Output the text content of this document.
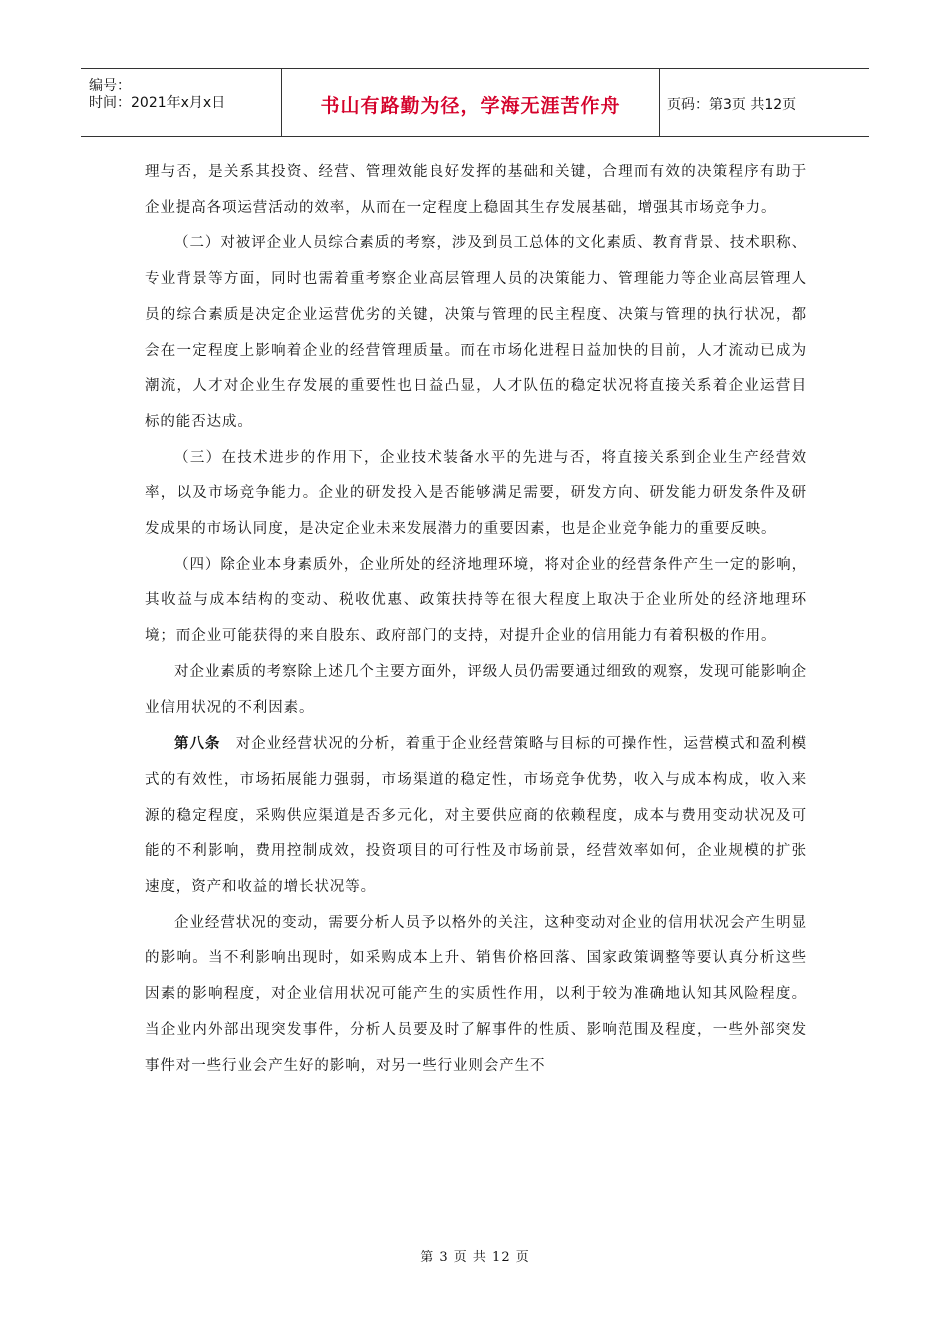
编号：
时间：2021年x月x日	书山有路勤为径，学海无涯苦作舟	页码：第3页 共12页

理与否，是关系其投资、经营、管理效能良好发挥的基础和关键，合理而有效的决策程序有助于企业提高各项运营活动的效率，从而在一定程度上稳固其生存发展基础，增强其市场竞争力。

（二）对被评企业人员综合素质的考察，涉及到员工总体的文化素质、教育背景、技术职称、专业背景等方面，同时也需着重考察企业高层管理人员的决策能力、管理能力等企业高层管理人员的综合素质是决定企业运营优劣的关键，决策与管理的民主程度、决策与管理的执行状况，都会在一定程度上影响着企业的经营管理质量。而在市场化进程日益加快的目前，人才流动已成为潮流，人才对企业生存发展的重要性也日益凸显，人才队伍的稳定状况将直接关系着企业运营目标的能否达成。

（三）在技术进步的作用下，企业技术装备水平的先进与否，将直接关系到企业生产经营效率，以及市场竞争能力。企业的研发投入是否能够满足需要，研发方向、研发能力研发条件及研发成果的市场认同度，是决定企业未来发展潜力的重要因素，也是企业竞争能力的重要反映。

（四）除企业本身素质外，企业所处的经济地理环境，将对企业的经营条件产生一定的影响，其收益与成本结构的变动、税收优惠、政策扶持等在很大程度上取决于企业所处的经济地理环境；而企业可能获得的来自股东、政府部门的支持，对提升企业的信用能力有着积极的作用。

对企业素质的考察除上述几个主要方面外，评级人员仍需要通过细致的观察，发现可能影响企业信用状况的不利因素。

第八条　对企业经营状况的分析，着重于企业经营策略与目标的可操作性，运营模式和盈利模式的有效性，市场拓展能力强弱，市场渠道的稳定性，市场竞争优势，收入与成本构成，收入来源的稳定程度，采购供应渠道是否多元化，对主要供应商的依赖程度，成本与费用变动状况及可能的不利影响，费用控制成效，投资项目的可行性及市场前景，经营效率如何，企业规模的扩张速度，资产和收益的增长状况等。

企业经营状况的变动，需要分析人员予以格外的关注，这种变动对企业的信用状况会产生明显的影响。当不利影响出现时，如采购成本上升、销售价格回落、国家政策调整等要认真分析这些因素的影响程度，对企业信用状况可能产生的实质性作用，以利于较为准确地认知其风险程度。当企业内外部出现突发事件，分析人员要及时了解事件的性质、影响范围及程度，一些外部突发事件对一些行业会产生好的影响，对另一些行业则会产生不

第 3 页 共 12 页
